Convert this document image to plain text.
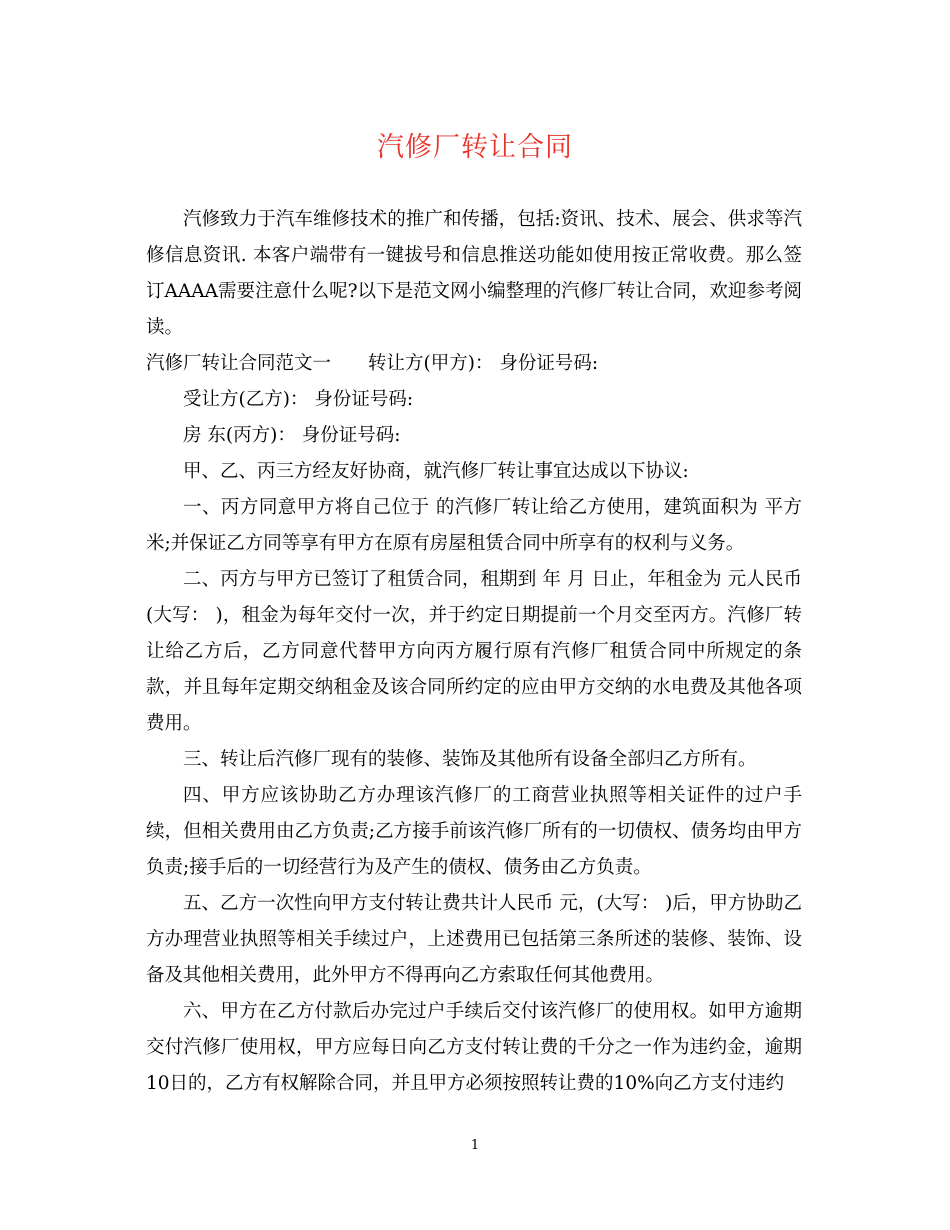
汽修厂转让合同

汽修致力于汽车维修技术的推广和传播，包括:资讯、技术、展会、供求等汽修信息资讯. 本客户端带有一键拔号和信息推送功能如使用按正常收费。那么签订AAAA需要注意什么呢?以下是范文网小编整理的汽修厂转让合同，欢迎参考阅读。

汽修厂转让合同范文一　　转让方(甲方)： 身份证号码:

受让方(乙方)： 身份证号码:

房 东(丙方)： 身份证号码:

甲、乙、丙三方经友好协商，就汽修厂转让事宜达成以下协议:

一、丙方同意甲方将自己位于 的汽修厂转让给乙方使用，建筑面积为 平方米;并保证乙方同等享有甲方在原有房屋租赁合同中所享有的权利与义务。

二、丙方与甲方已签订了租赁合同，租期到 年 月 日止，年租金为 元人民币(大写： )，租金为每年交付一次，并于约定日期提前一个月交至丙方。汽修厂转让给乙方后，乙方同意代替甲方向丙方履行原有汽修厂租赁合同中所规定的条款，并且每年定期交纳租金及该合同所约定的应由甲方交纳的水电费及其他各项费用。

三、转让后汽修厂现有的装修、装饰及其他所有设备全部归乙方所有。

四、甲方应该协助乙方办理该汽修厂的工商营业执照等相关证件的过户手续，但相关费用由乙方负责;乙方接手前该汽修厂所有的一切债权、债务均由甲方负责;接手后的一切经营行为及产生的债权、债务由乙方负责。

五、乙方一次性向甲方支付转让费共计人民币 元，(大写： )后，甲方协助乙方办理营业执照等相关手续过户，上述费用已包括第三条所述的装修、装饰、设备及其他相关费用，此外甲方不得再向乙方索取任何其他费用。

六、甲方在乙方付款后办完过户手续后交付该汽修厂的使用权。如甲方逾期交付汽修厂使用权，甲方应每日向乙方支付转让费的千分之一作为违约金，逾期10日的，乙方有权解除合同，并且甲方必须按照转让费的10%向乙方支付违约

1
